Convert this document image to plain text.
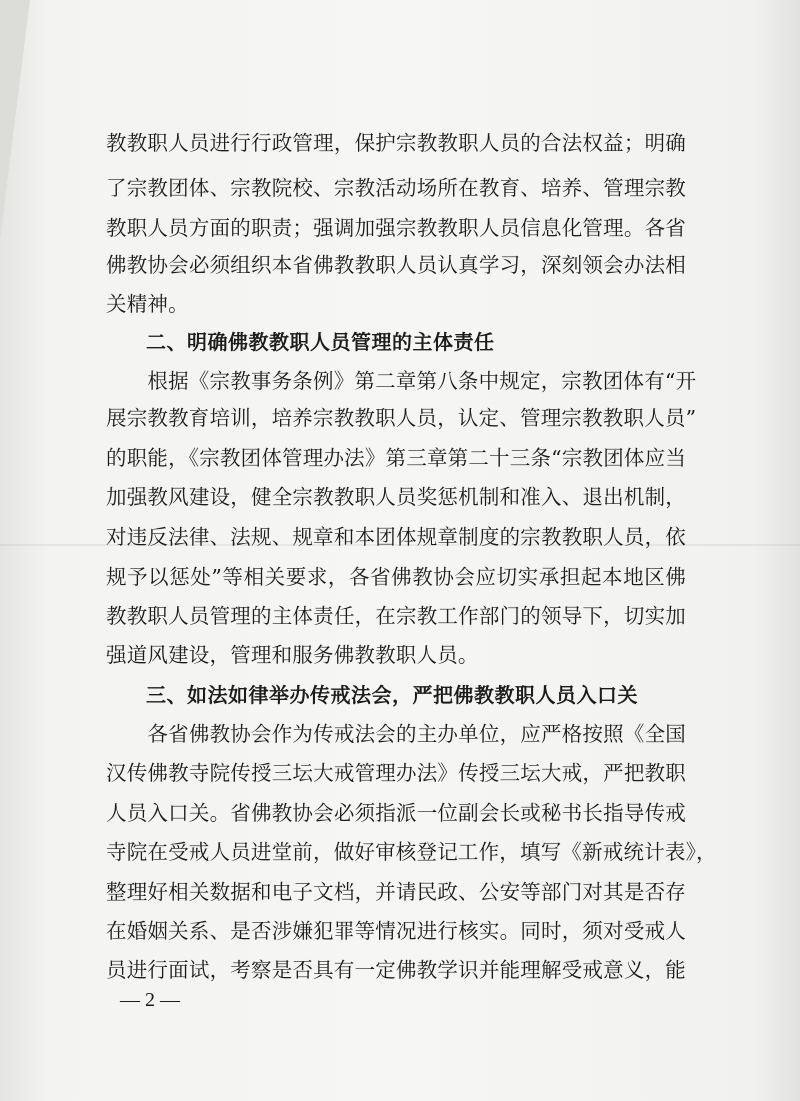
教教职人员进行行政管理，保护宗教教职人员的合法权益；明确
了宗教团体、宗教院校、宗教活动场所在教育、培养、管理宗教
教职人员方面的职责；强调加强宗教教职人员信息化管理。各省
佛教协会必须组织本省佛教教职人员认真学习，深刻领会办法相
关精神。
二、明确佛教教职人员管理的主体责任
　　根据《宗教事务条例》第二章第八条中规定，宗教团体有“开
展宗教教育培训，培养宗教教职人员，认定、管理宗教教职人员”
的职能，《宗教团体管理办法》第三章第二十三条“宗教团体应当
加强教风建设，健全宗教教职人员奖惩机制和准入、退出机制，
对违反法律、法规、规章和本团体规章制度的宗教教职人员，依
规予以惩处”等相关要求，各省佛教协会应切实承担起本地区佛
教教职人员管理的主体责任，在宗教工作部门的领导下，切实加
强道风建设，管理和服务佛教教职人员。
三、如法如律举办传戒法会，严把佛教教职人员入口关
　　各省佛教协会作为传戒法会的主办单位，应严格按照《全国
汉传佛教寺院传授三坛大戒管理办法》传授三坛大戒，严把教职
人员入口关。省佛教协会必须指派一位副会长或秘书长指导传戒
寺院在受戒人员进堂前，做好审核登记工作，填写《新戒统计表》，
整理好相关数据和电子文档，并请民政、公安等部门对其是否存
在婚姻关系、是否涉嫌犯罪等情况进行核实。同时，须对受戒人
员进行面试，考察是否具有一定佛教学识并能理解受戒意义，能
— 2 —
